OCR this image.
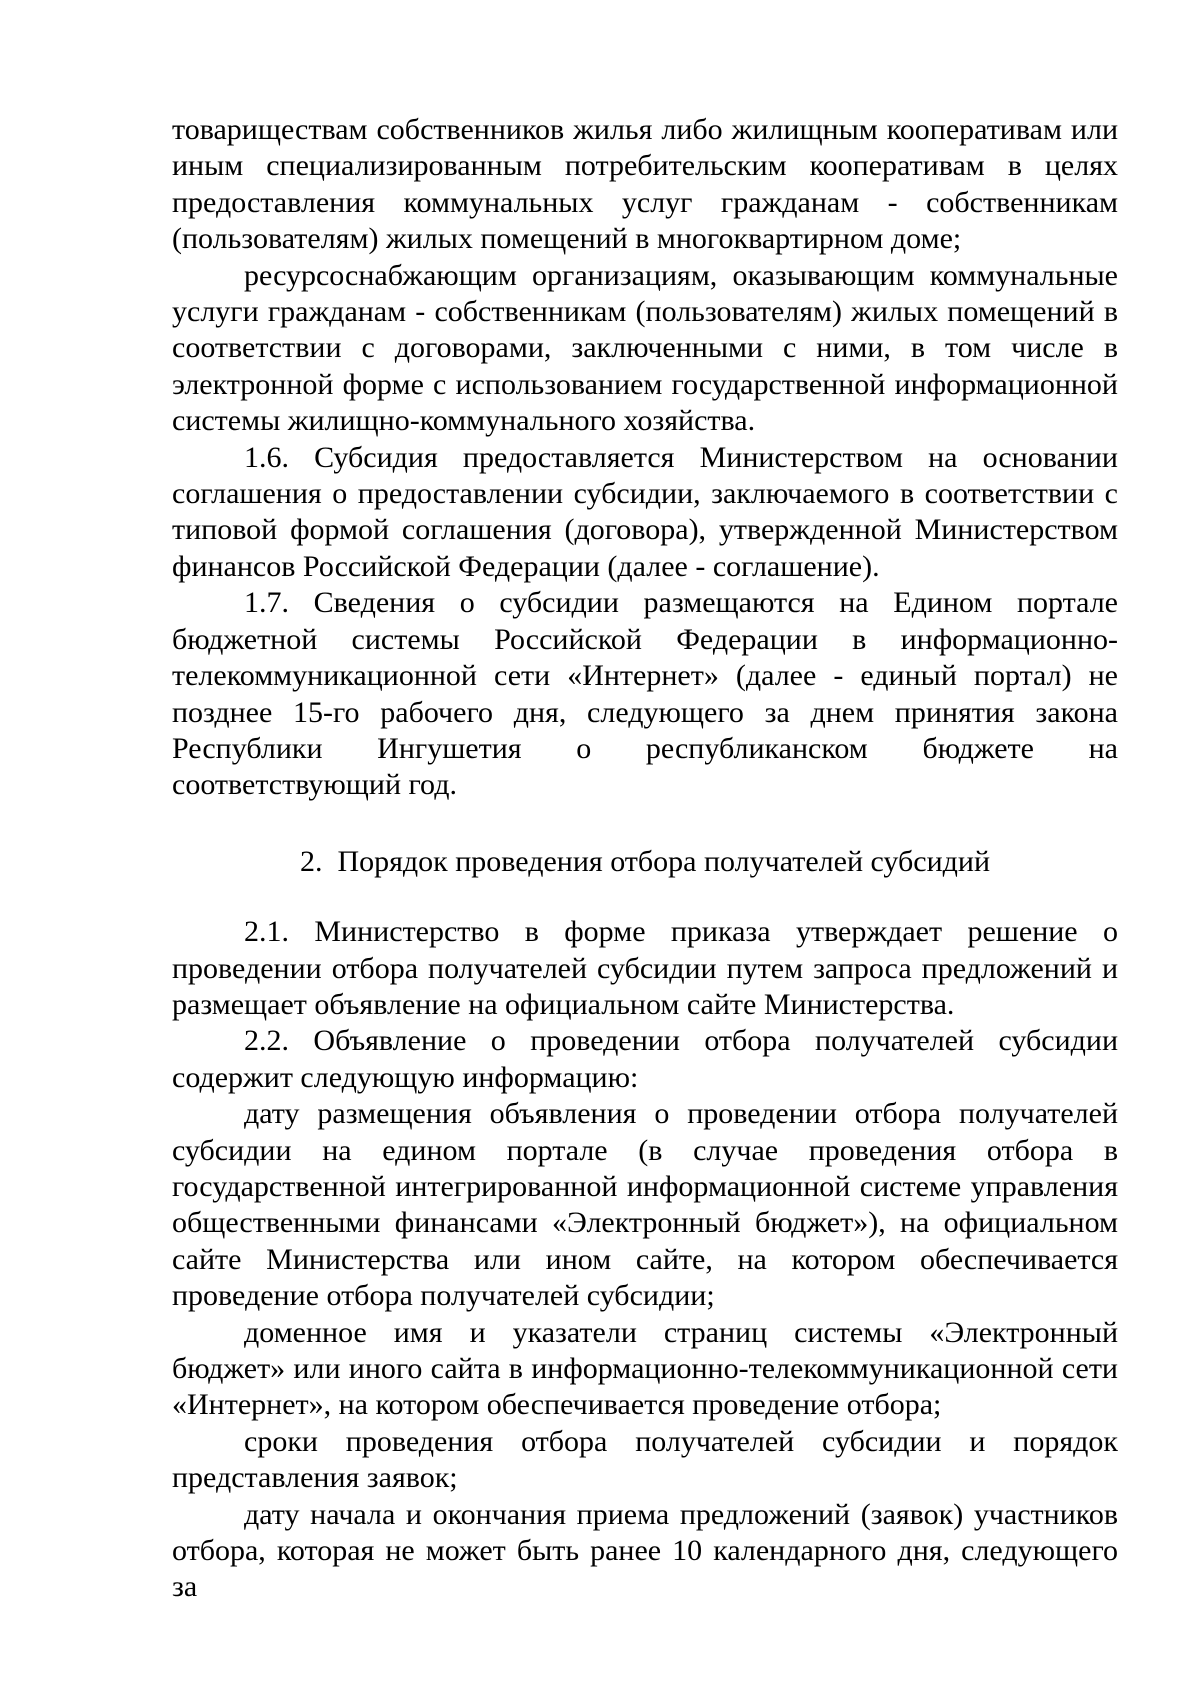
товариществам собственников жилья либо жилищным кооперативам или иным специализированным потребительским кооперативам в целях предоставления коммунальных услуг гражданам - собственникам (пользователям) жилых помещений в многоквартирном доме;

ресурсоснабжающим организациям, оказывающим коммунальные услуги гражданам - собственникам (пользователям) жилых помещений в соответствии с договорами, заключенными с ними, в том числе в электронной форме с использованием государственной информационной системы жилищно-коммунального хозяйства.

1.6. Субсидия предоставляется Министерством на основании соглашения о предоставлении субсидии, заключаемого в соответствии с типовой формой соглашения (договора), утвержденной Министерством финансов Российской Федерации (далее - соглашение).

1.7. Сведения о субсидии размещаются на Едином портале бюджетной системы Российской Федерации в информационно-телекоммуникационной сети «Интернет» (далее - единый портал) не позднее 15-го рабочего дня, следующего за днем принятия закона Республики Ингушетия о республиканском бюджете на соответствующий год.

2.  Порядок проведения отбора получателей субсидий

2.1. Министерство в форме приказа утверждает решение о проведении отбора получателей субсидии путем запроса предложений и размещает объявление на официальном сайте Министерства.

2.2. Объявление о проведении отбора получателей субсидии содержит следующую информацию:

дату размещения объявления о проведении отбора получателей субсидии на едином портале (в случае проведения отбора в государственной интегрированной информационной системе управления общественными финансами «Электронный бюджет»), на официальном сайте Министерства или ином сайте, на котором обеспечивается проведение отбора получателей субсидии;

доменное имя и указатели страниц системы «Электронный бюджет» или иного сайта в информационно-телекоммуникационной сети «Интернет», на котором обеспечивается проведение отбора;

сроки проведения отбора получателей субсидии и порядок представления заявок;

дату начала и окончания приема предложений (заявок) участников отбора, которая не может быть ранее 10 календарного дня, следующего за
